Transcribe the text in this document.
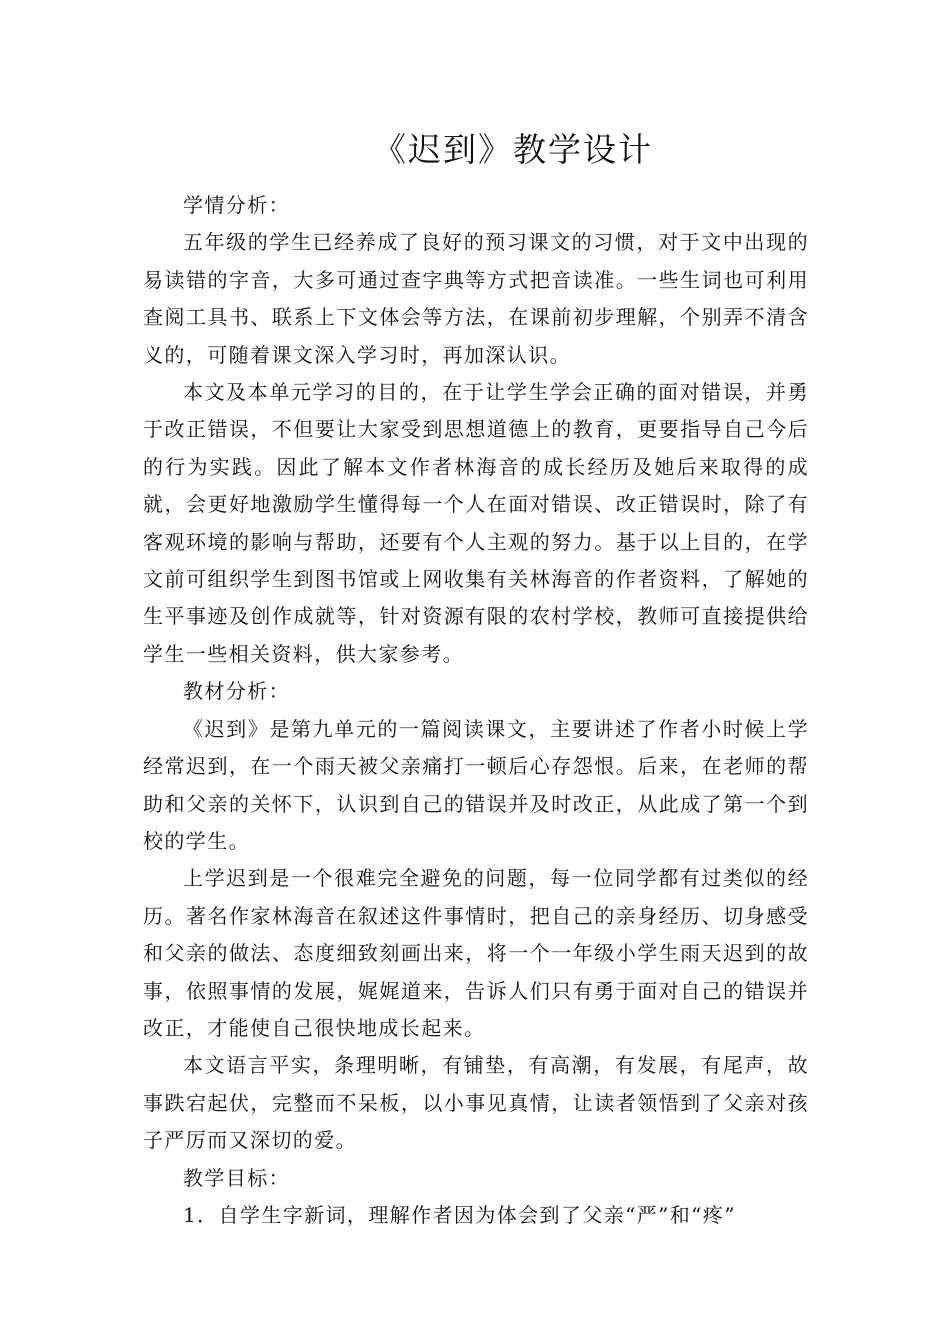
《迟到》教学设计

学情分析：

五年级的学生已经养成了良好的预习课文的习惯，对于文中出现的易读错的字音，大多可通过查字典等方式把音读准。一些生词也可利用查阅工具书、联系上下文体会等方法，在课前初步理解，个别弄不清含义的，可随着课文深入学习时，再加深认识。

本文及本单元学习的目的，在于让学生学会正确的面对错误，并勇于改正错误，不但要让大家受到思想道德上的教育，更要指导自己今后的行为实践。因此了解本文作者林海音的成长经历及她后来取得的成就，会更好地激励学生懂得每一个人在面对错误、改正错误时，除了有客观环境的影响与帮助，还要有个人主观的努力。基于以上目的，在学文前可组织学生到图书馆或上网收集有关林海音的作者资料，了解她的生平事迹及创作成就等，针对资源有限的农村学校，教师可直接提供给学生一些相关资料，供大家参考。

教材分析：

《迟到》是第九单元的一篇阅读课文，主要讲述了作者小时候上学经常迟到，在一个雨天被父亲痛打一顿后心存怨恨。后来，在老师的帮助和父亲的关怀下，认识到自己的错误并及时改正，从此成了第一个到校的学生。

上学迟到是一个很难完全避免的问题，每一位同学都有过类似的经历。著名作家林海音在叙述这件事情时，把自己的亲身经历、切身感受和父亲的做法、态度细致刻画出来，将一个一年级小学生雨天迟到的故事，依照事情的发展，娓娓道来，告诉人们只有勇于面对自己的错误并改正，才能使自己很快地成长起来。

本文语言平实，条理明晰，有铺垫，有高潮，有发展，有尾声，故事跌宕起伏，完整而不呆板，以小事见真情，让读者领悟到了父亲对孩子严厉而又深切的爱。

教学目标：

1．自学生字新词，理解作者因为体会到了父亲“严”和“疼”
